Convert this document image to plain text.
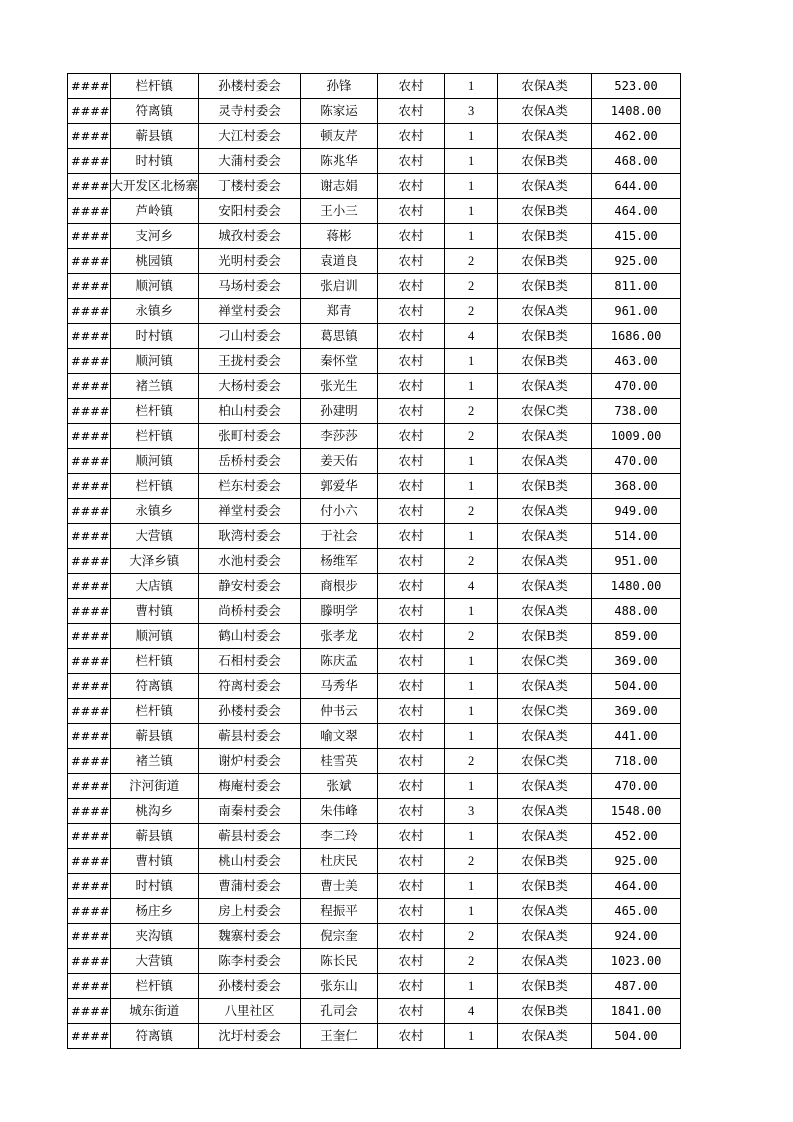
####	栏杆镇	孙楼村委会	孙锋	农村	1	农保A类	523.00
####	符离镇	灵寺村委会	陈家运	农村	3	农保A类	1408.00
####	蕲县镇	大江村委会	顿友芹	农村	1	农保A类	462.00
####	时村镇	大蒲村委会	陈兆华	农村	1	农保B类	468.00
####	大开发区北杨寨	丁楼村委会	谢志娟	农村	1	农保A类	644.00
####	芦岭镇	安阳村委会	王小三	农村	1	农保B类	464.00
####	支河乡	城孜村委会	蒋彬	农村	1	农保B类	415.00
####	桃园镇	光明村委会	袁道良	农村	2	农保B类	925.00
####	顺河镇	马场村委会	张启训	农村	2	农保B类	811.00
####	永镇乡	禅堂村委会	郑青	农村	2	农保A类	961.00
####	时村镇	刁山村委会	葛思镇	农村	4	农保B类	1686.00
####	顺河镇	王拢村委会	秦怀堂	农村	1	农保B类	463.00
####	褚兰镇	大杨村委会	张光生	农村	1	农保A类	470.00
####	栏杆镇	柏山村委会	孙建明	农村	2	农保C类	738.00
####	栏杆镇	张町村委会	李莎莎	农村	2	农保A类	1009.00
####	顺河镇	岳桥村委会	姜天佑	农村	1	农保A类	470.00
####	栏杆镇	栏东村委会	郭爱华	农村	1	农保B类	368.00
####	永镇乡	禅堂村委会	付小六	农村	2	农保A类	949.00
####	大营镇	耿湾村委会	于社会	农村	1	农保A类	514.00
####	大泽乡镇	水池村委会	杨维军	农村	2	农保A类	951.00
####	大店镇	静安村委会	商根步	农村	4	农保A类	1480.00
####	曹村镇	尚桥村委会	滕明学	农村	1	农保A类	488.00
####	顺河镇	鹤山村委会	张孝龙	农村	2	农保B类	859.00
####	栏杆镇	石相村委会	陈庆孟	农村	1	农保C类	369.00
####	符离镇	符离村委会	马秀华	农村	1	农保A类	504.00
####	栏杆镇	孙楼村委会	仲书云	农村	1	农保C类	369.00
####	蕲县镇	蕲县村委会	喻文翠	农村	1	农保A类	441.00
####	褚兰镇	谢炉村委会	桂雪英	农村	2	农保C类	718.00
####	汴河街道	梅庵村委会	张斌	农村	1	农保A类	470.00
####	桃沟乡	南秦村委会	朱伟峰	农村	3	农保A类	1548.00
####	蕲县镇	蕲县村委会	李二玲	农村	1	农保A类	452.00
####	曹村镇	桃山村委会	杜庆民	农村	2	农保B类	925.00
####	时村镇	曹蒲村委会	曹士美	农村	1	农保B类	464.00
####	杨庄乡	房上村委会	程振平	农村	1	农保A类	465.00
####	夹沟镇	魏寨村委会	倪宗奎	农村	2	农保A类	924.00
####	大营镇	陈李村委会	陈长民	农村	2	农保A类	1023.00
####	栏杆镇	孙楼村委会	张东山	农村	1	农保B类	487.00
####	城东街道	八里社区	孔司会	农村	4	农保B类	1841.00
####	符离镇	沈圩村委会	王奎仁	农村	1	农保A类	504.00
